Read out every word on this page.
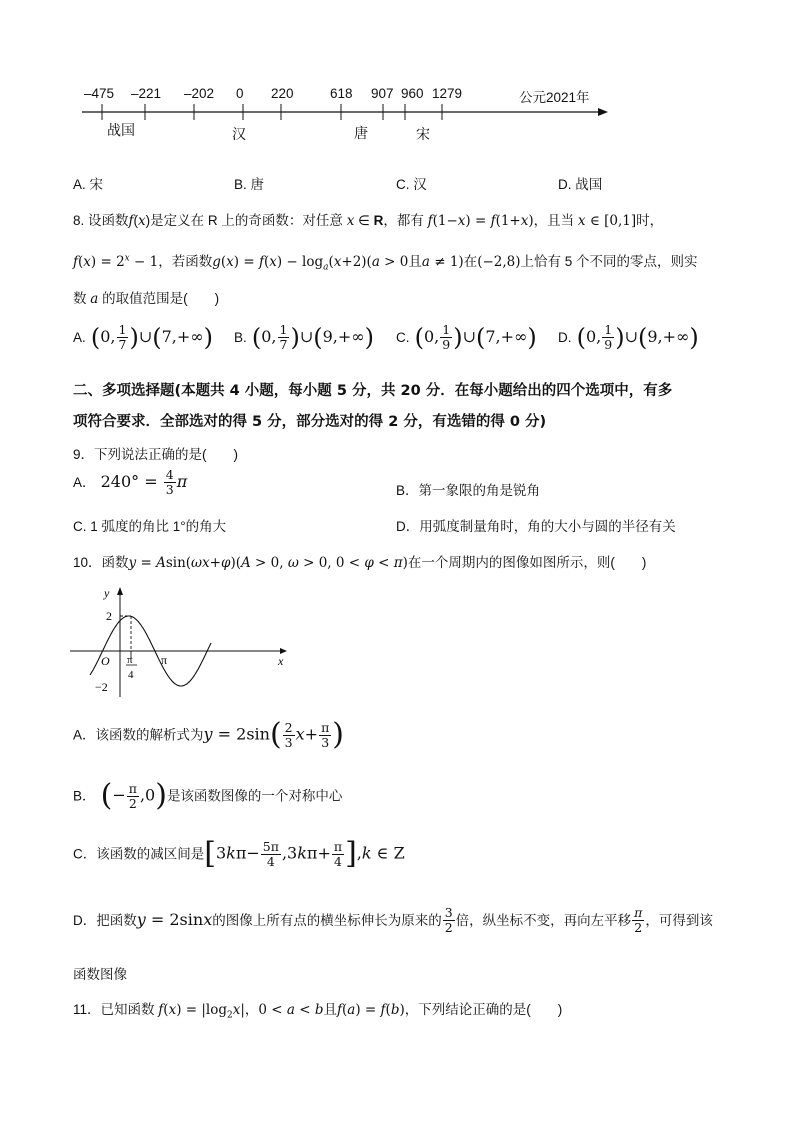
–475 –221 –202 0 220	618 907 960 1279	公元2021年
战国	汉	唐	宋
A. 宋	B. 唐	C. 汉	D. 战国
8. 设函数f(x)是定义在 R 上的奇函数：对任意 x ∈ R，都有 f(1−x) = f(1+x)，且当 x ∈ [0,1]时，
$f(x) = 2^x - 1$，若函数$g(x) = f(x) - \log_a(x+2)(a > 0$且a ≠ 1)在(−2,8)上恰有 5 个不同的零点，则实
数 a 的取值范围是(　　)
A. (0, $\frac{1}{7}$ )∪(7,+∞) B. (0, $\frac{1}{7}$ )∪(9,+∞) C. (0, $\frac{1}{9}$ )∪(7,+∞) D. (0, $\frac{1}{9}$ )∪(9,+∞)
二、多项选择题(本题共 4 小题，每小题 5 分，共 20 分．在每小题给出的四个选项中，有多
项符合要求．全部选对的得 5 分，部分选对的得 2 分，有选错的得 0 分)
9．下列说法正确的是(　　)
A． $240^\circ = \frac{4}{3}$ π	B．第一象限的角是锐角
C. 1 弧度的角比 1°的角大	D．用弧度制量角时，角的大小与圆的半径有关
10．函数y = Asin(ωx+φ)(A > 0, ω > 0, 0 < φ < π)在一个周期内的图像如图所示，则(　　)
y
x
O
2
−2
π
π
4
A．该函数的解析式为$y = 2\sin( \frac{2}{3} x+ \frac{\pi}{3}$ )
B． (− $\frac{\pi}{2} ,0$)是该函数图像的一个对称中心
C．该函数的减区间是$[3k\pi- \frac{5\pi}{4} ,3k\pi+ \frac{\pi}{4} ],k$ ∈ Z
D．把函数y = 2sinx的图像上所有点的横坐标伸长为原来的 $\frac{3}{2}$ 倍，纵坐标不变，再向左平移 $\frac{\pi}{2}$ ，可得到该
函数图像
11．已知函数 $f(x) = |\log_2x|$，0 < a < b且f(a) = f(b)，下列结论正确的是(　　)
